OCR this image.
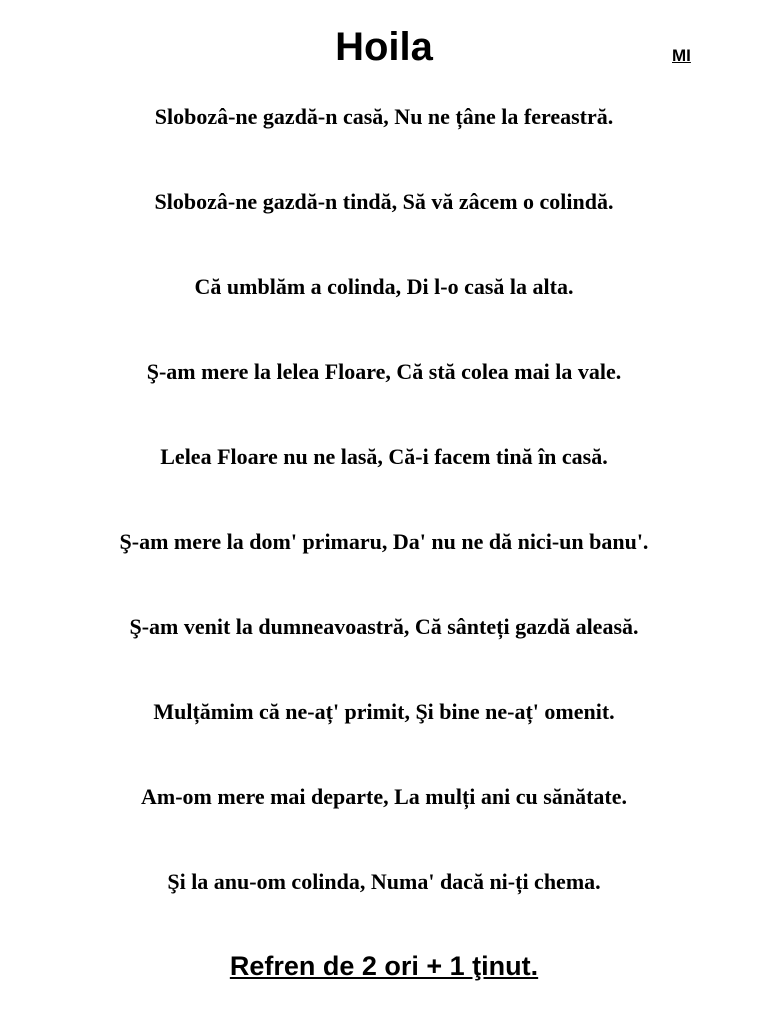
Hoila	MI
Slobozâ-ne gazdă-n casă, Nu ne țâne la fereastră.
Slobozâ-ne gazdă-n tindă, Să vă zâcem o colindă.
Că umblăm a colinda, Di l-o casă la alta.
Ş-am mere la lelea Floare, Că stă colea mai la vale.
Lelea Floare nu ne lasă, Că-i facem tină în casă.
Ş-am mere la dom' primaru, Da' nu ne dă nici-un banu'.
Ş-am venit la dumneavoastră, Că sânteți gazdă aleasă.
Mulțămim că ne-aț' primit, Şi bine ne-aț' omenit.
Am-om mere mai departe, La mulți ani cu sănătate.
Şi la anu-om colinda, Numa' dacă ni-ți chema.

Refren de 2 ori + 1 ţinut.
